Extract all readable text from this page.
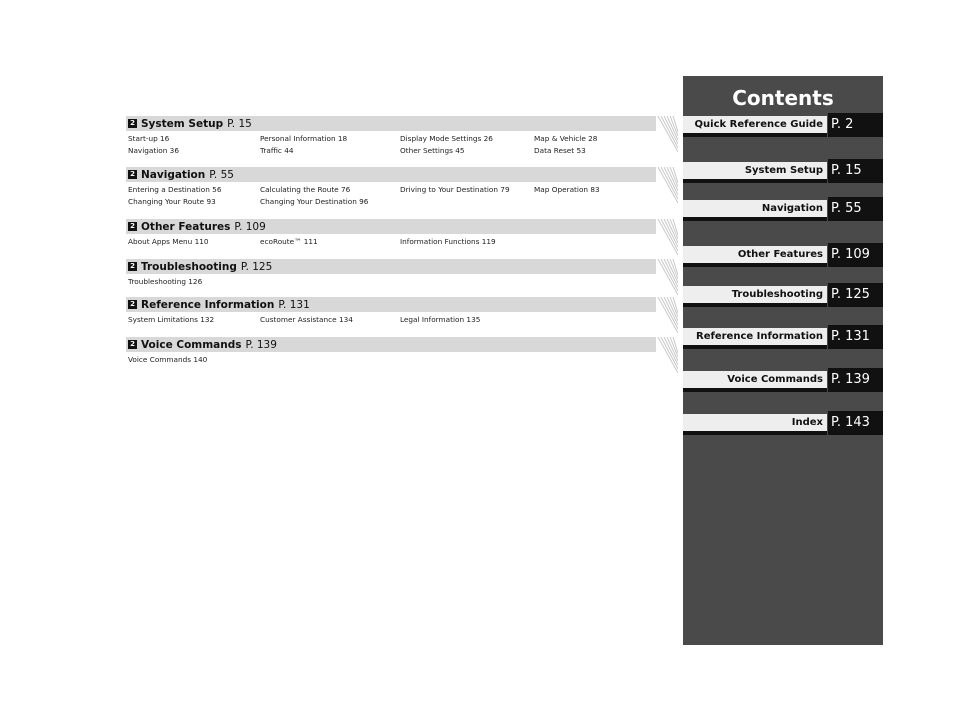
2 System Setup P. 15
Start-up 16	Personal Information 18	Display Mode Settings 26	Map & Vehicle 28
Navigation 36	Traffic 44	Other Settings 45	Data Reset 53
2 Navigation P. 55
Entering a Destination 56	Calculating the Route 76	Driving to Your Destination 79	Map Operation 83
Changing Your Route 93	Changing Your Destination 96
2 Other Features P. 109
About Apps Menu 110	ecoRoute™ 111	Information Functions 119
2 Troubleshooting P. 125
Troubleshooting 126
2 Reference Information P. 131
System Limitations 132	Customer Assistance 134	Legal Information 135
2 Voice Commands P. 139
Voice Commands 140
Contents
Quick Reference Guide P. 2
System Setup P. 15
Navigation P. 55
Other Features P. 109
Troubleshooting P. 125
Reference Information P. 131
Voice Commands P. 139
Index P. 143
